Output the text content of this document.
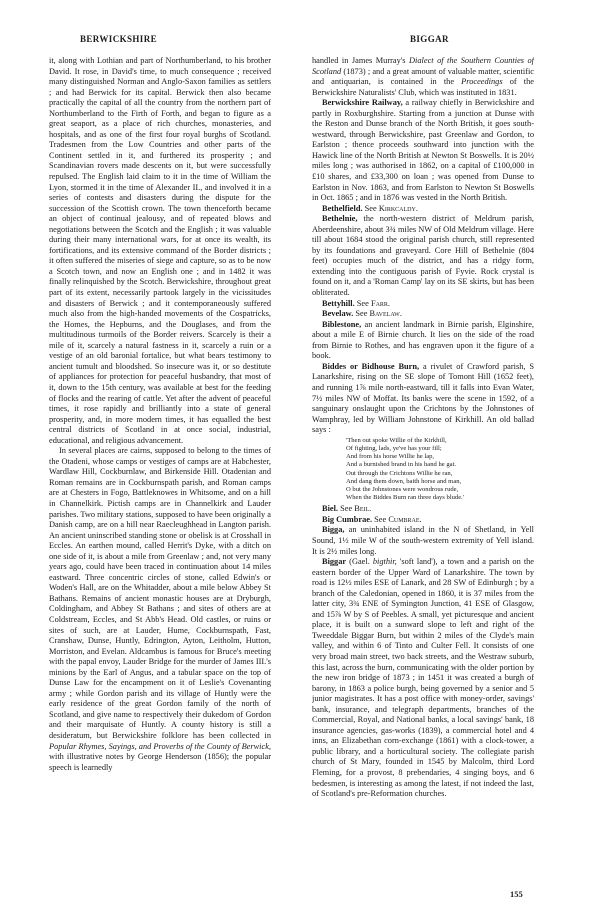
BERWICKSHIRE	BIGGAR

it, along with Lothian and part of Northumberland, to his brother David. It rose, in David's time, to much consequence ; received many distinguished Norman and Anglo-Saxon families as settlers ; and had Berwick for its capital. Berwick then also became practically the capital of all the country from the northern part of Northumberland to the Firth of Forth, and began to figure as a great seaport, as a place of rich churches, monasteries, and hospitals, and as one of the first four royal burghs of Scotland. Tradesmen from the Low Countries and other parts of the Continent settled in it, and furthered its prosperity ; and Scandinavian rovers made descents on it, but were successfully repulsed. The English laid claim to it in the time of William the Lyon, stormed it in the time of Alexander II., and involved it in a series of contests and disasters during the dispute for the succession of the Scottish crown. The town thenceforth became an object of continual jealousy, and of repeated blows and negotiations between the Scotch and the English ; it was valuable during their many international wars, for at once its wealth, its fortifications, and its extensive command of the Border districts ; it often suffered the miseries of siege and capture, so as to be now a Scotch town, and now an English one ; and in 1482 it was finally relinquished by the Scotch. Berwickshire, throughout great part of its extent, necessarily partook largely in the vicissitudes and disasters of Berwick ; and it contemporaneously suffered much also from the high-handed movements of the Cospatricks, the Homes, the Hepburns, and the Douglases, and from the multitudinous turmoils of the Border reivers. Scarcely is their a mile of it, scarcely a natural fastness in it, scarcely a ruin or a vestige of an old baronial fortalice, but what bears testimony to ancient tumult and bloodshed. So insecure was it, or so destitute of appliances for protection for peaceful husbandry, that most of it, down to the 15th century, was available at best for the feeding of flocks and the rearing of cattle. Yet after the advent of peaceful times, it rose rapidly and brilliantly into a state of general prosperity, and, in more modern times, it has equalled the best central districts of Scotland in at once social, industrial, educational, and religious advancement.

In several places are cairns, supposed to belong to the times of the Otadeni, whose camps or vestiges of camps are at Habchester, Wardlaw Hill, Cockburnlaw, and Birkenside Hill. Otadenian and Roman remains are in Cockburnspath parish, and Roman camps are at Chesters in Fogo, Battleknowes in Whitsome, and on a hill in Channelkirk. Pictish camps are in Channelkirk and Lauder parishes. Two military stations, supposed to have been originally a Danish camp, are on a hill near Raecleughhead in Langton parish. An ancient uninscribed standing stone or obelisk is at Crosshall in Eccles. An earthen mound, called Herrit's Dyke, with a ditch on one side of it, is about a mile from Greenlaw ; and, not very many years ago, could have been traced in continuation about 14 miles eastward. Three concentric circles of stone, called Edwin's or Woden's Hall, are on the Whitadder, about a mile below Abbey St Bathans. Remains of ancient monastic houses are at Dryburgh, Coldingham, and Abbey St Bathans ; and sites of others are at Coldstream, Eccles, and St Abb's Head. Old castles, or ruins or sites of such, are at Lauder, Hume, Cockburnspath, Fast, Cranshaw, Dunse, Huntly, Edrington, Ayton, Leitholm, Hutton, Morriston, and Evelan. Aldcambus is famous for Bruce's meeting with the papal envoy, Lauder Bridge for the murder of James III.'s minions by the Earl of Angus, and a tabular space on the top of Dunse Law for the encampment on it of Leslie's Covenanting army ; while Gordon parish and its village of Huntly were the early residence of the great Gordon family of the north of Scotland, and give name to respectively their dukedom of Gordon and their marquisate of Huntly. A county history is still a desideratum, but Berwickshire folklore has been collected in Popular Rhymes, Sayings, and Proverbs of the County of Berwick, with illustrative notes by George Henderson (1856); the popular speech is learnedly

handled in James Murray's Dialect of the Southern Counties of Scotland (1873) ; and a great amount of valuable matter, scientific and antiquarian, is contained in the Proceedings of the Berwickshire Naturalists' Club, which was instituted in 1831.

Berwickshire Railway, a railway chiefly in Berwickshire and partly in Roxburghshire. Starting from a junction at Dunse with the Reston and Dunse branch of the North British, it goes south-westward, through Berwickshire, past Greenlaw and Gordon, to Earlston ; thence proceeds southward into junction with the Hawick line of the North British at Newton St Boswells. It is 20½ miles long ; was authorised in 1862, on a capital of £100,000 in £10 shares, and £33,300 on loan ; was opened from Dunse to Earlston in Nov. 1863, and from Earlston to Newton St Boswells in Oct. 1865 ; and in 1876 was vested in the North British.

Bethelfield. See Kirkcaldy.

Bethelnie, the north-western district of Meldrum parish, Aberdeenshire, about 3¾ miles NW of Old Meldrum village. Here till about 1684 stood the original parish church, still represented by its foundations and graveyard. Core Hill of Bethelnie (804 feet) occupies much of the district, and has a ridgy form, extending into the contiguous parish of Fyvie. Rock crystal is found on it, and a 'Roman Camp' lay on its SE skirts, but has been obliterated.

Bettyhill. See Farr.

Bevelaw. See Bavelaw.

Biblestone, an ancient landmark in Birnie parish, Elginshire, about a mile E of Birnie church. It lies on the side of the road from Birnie to Rothes, and has engraven upon it the figure of a book.

Biddes or Bidhouse Burn, a rivulet of Crawford parish, S Lanarkshire, rising on the SE slope of Tomont Hill (1652 feet), and running 1⅞ mile north-eastward, till it falls into Evan Water, 7½ miles NW of Moffat. Its banks were the scene in 1592, of a sanguinary onslaught upon the Crichtons by the Johnstones of Wamphray, led by William Johnstone of Kirkhill. An old ballad says :

'Then out spoke Willie of the Kirkhill,
Of fighting, lads, ye've has your fill;
And from his horse Willie he lap,
And a burnished brand in his hand he gat.
Out through the Crichtons Willie he ran,
And dang them down, baith horse and man,
O but the Johnstones were wondrous rude,
When the Biddes Burn ran three days blude.'

Biel. See Beil.

Big Cumbrae. See Cumbrae.

Bigga, an uninhabited island in the N of Shetland, in Yell Sound, 1½ mile W of the south-western extremity of Yell island. It is 2½ miles long.

Biggar (Gael. bigthir, 'soft land'), a town and a parish on the eastern border of the Upper Ward of Lanarkshire. The town by road is 12½ miles ESE of Lanark, and 28 SW of Edinburgh ; by a branch of the Caledonian, opened in 1860, it is 37 miles from the latter city, 3¾ ENE of Symington Junction, 41 ESE of Glasgow, and 15⅞ W by S of Peebles. A small, yet picturesque and ancient place, it is built on a sunward slope to left and right of the Tweeddale Biggar Burn, but within 2 miles of the Clyde's main valley, and within 6 of Tinto and Culter Fell. It consists of one very broad main street, two back streets, and the Westraw suburb, this last, across the burn, communicating with the older portion by the new iron bridge of 1873 ; in 1451 it was created a burgh of barony, in 1863 a police burgh, being governed by a senior and 5 junior magistrates. It has a post office with money-order, savings' bank, insurance, and telegraph departments, branches of the Commercial, Royal, and National banks, a local savings' bank, 18 insurance agencies, gas-works (1839), a commercial hotel and 4 inns, an Elizabethan corn-exchange (1861) with a clock-tower, a public library, and a horticultural society. The collegiate parish church of St Mary, founded in 1545 by Malcolm, third Lord Fleming, for a provost, 8 prebendaries, 4 singing boys, and 6 bedesmen, is interesting as among the latest, if not indeed the last, of Scotland's pre-Reformation churches.

155
